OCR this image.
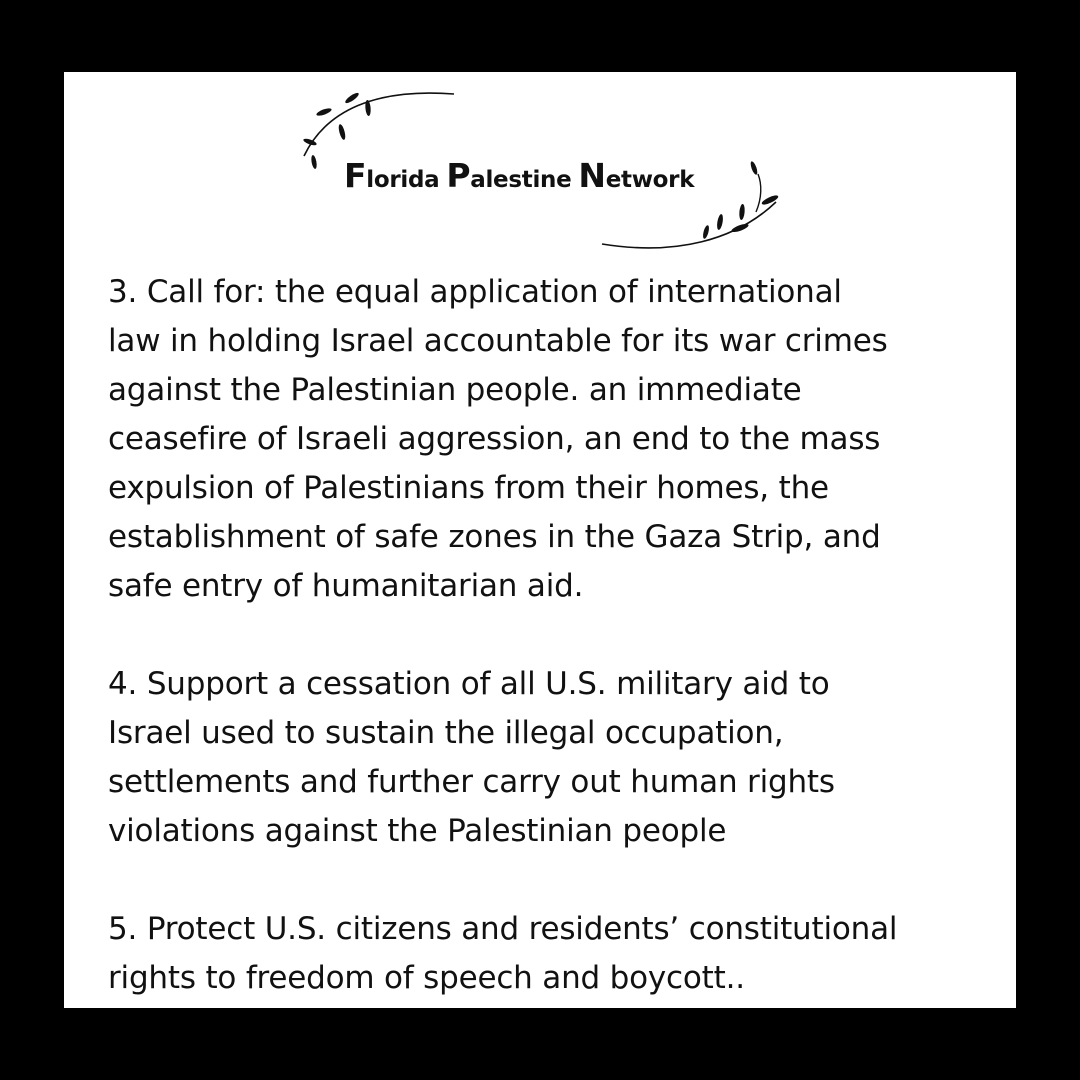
Florida Palestine Network

3. Call for: the equal application of international
law in holding Israel accountable for its war crimes
against the Palestinian people. an immediate
ceasefire of Israeli aggression, an end to the mass
expulsion of Palestinians from their homes, the
establishment of safe zones in the Gaza Strip, and
safe entry of humanitarian aid.

4. Support a cessation of all U.S. military aid to
Israel used to sustain the illegal occupation,
settlements and further carry out human rights
violations against the Palestinian people

5. Protect U.S. citizens and residents’ constitutional
rights to freedom of speech and boycott..
